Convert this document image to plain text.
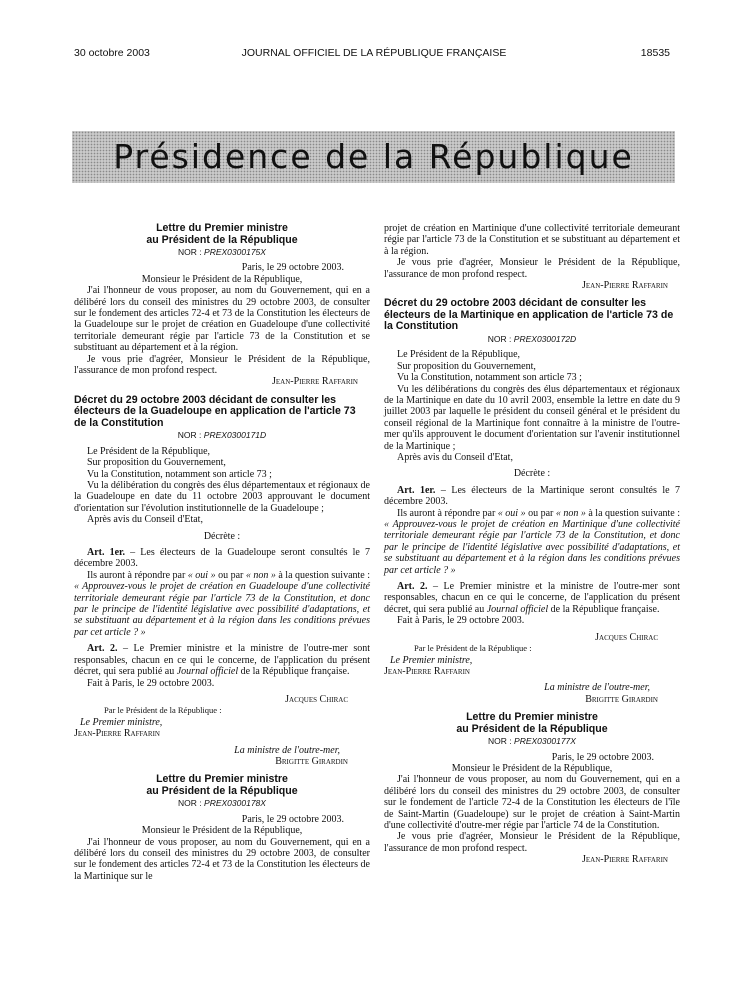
30 octobre 2003	JOURNAL OFFICIEL DE LA RÉPUBLIQUE FRANÇAISE	18535
Présidence de la République
Lettre du Premier ministre
au Président de la République
NOR : PREX0300175X

Paris, le 29 octobre 2003.

Monsieur le Président de la République,

J'ai l'honneur de vous proposer, au nom du Gouvernement, qui en a délibéré lors du conseil des ministres du 29 octobre 2003, de consulter sur le fondement des articles 72-4 et 73 de la Constitution les électeurs de la Guadeloupe sur le projet de création en Guadeloupe d'une collectivité territoriale demeurant régie par l'article 73 de la Constitution et se substituant au département et à la région.

Je vous prie d'agréer, Monsieur le Président de la République, l'assurance de mon profond respect.

Jean-Pierre Raffarin

Décret du 29 octobre 2003 décidant de consulter les électeurs de la Guadeloupe en application de l'article 73 de la Constitution
NOR : PREX0300171D

Le Président de la République,

Sur proposition du Gouvernement,

Vu la Constitution, notamment son article 73 ;

Vu la délibération du congrès des élus départementaux et régionaux de la Guadeloupe en date du 11 octobre 2003 approuvant le document d'orientation sur l'évolution institutionnelle de la Guadeloupe ;

Après avis du Conseil d'Etat,

Décrète :

Art. 1er. – Les électeurs de la Guadeloupe seront consultés le 7 décembre 2003.

Ils auront à répondre par « oui » ou par « non » à la question suivante : « Approuvez-vous le projet de création en Guadeloupe d'une collectivité territoriale demeurant régie par l'article 73 de la Constitution, et donc par le principe de l'identité législative avec possibilité d'adaptations, et se substituant au département et à la région dans les conditions prévues par cet article ? »

Art. 2. – Le Premier ministre et la ministre de l'outre-mer sont responsables, chacun en ce qui le concerne, de l'application du présent décret, qui sera publié au Journal officiel de la République française.

Fait à Paris, le 29 octobre 2003.

Jacques Chirac

Par le Président de la République :

Le Premier ministre,

Jean-Pierre Raffarin

La ministre de l'outre-mer,

Brigitte Girardin

Lettre du Premier ministre
au Président de la République
NOR : PREX0300178X

Paris, le 29 octobre 2003.

Monsieur le Président de la République,

J'ai l'honneur de vous proposer, au nom du Gouvernement, qui en a délibéré lors du conseil des ministres du 29 octobre 2003, de consulter sur le fondement des articles 72-4 et 73 de la Constitution les électeurs de la Martinique sur le

projet de création en Martinique d'une collectivité territoriale demeurant régie par l'article 73 de la Constitution et se substituant au département et à la région.

Je vous prie d'agréer, Monsieur le Président de la République, l'assurance de mon profond respect.

Jean-Pierre Raffarin

Décret du 29 octobre 2003 décidant de consulter les électeurs de la Martinique en application de l'article 73 de la Constitution
NOR : PREX0300172D

Le Président de la République,

Sur proposition du Gouvernement,

Vu la Constitution, notamment son article 73 ;

Vu les délibérations du congrès des élus départementaux et régionaux de la Martinique en date du 10 avril 2003, ensemble la lettre en date du 9 juillet 2003 par laquelle le président du conseil général et le président du conseil régional de la Martinique font connaître à la ministre de l'outre-mer qu'ils approuvent le document d'orientation sur l'avenir institutionnel de la Martinique ;

Après avis du Conseil d'Etat,

Décrète :

Art. 1er. – Les électeurs de la Martinique seront consultés le 7 décembre 2003.

Ils auront à répondre par « oui » ou par « non » à la question suivante : « Approuvez-vous le projet de création en Martinique d'une collectivité territoriale demeurant régie par l'article 73 de la Constitution, et donc par le principe de l'identité législative avec possibilité d'adaptations, et se substituant au département et à la région dans les conditions prévues par cet article ? »

Art. 2. – Le Premier ministre et la ministre de l'outre-mer sont responsables, chacun en ce qui le concerne, de l'application du présent décret, qui sera publié au Journal officiel de la République française.

Fait à Paris, le 29 octobre 2003.

Jacques Chirac

Par le Président de la République :

Le Premier ministre,

Jean-Pierre Raffarin

La ministre de l'outre-mer,

Brigitte Girardin

Lettre du Premier ministre
au Président de la République
NOR : PREX0300177X

Paris, le 29 octobre 2003.

Monsieur le Président de la République,

J'ai l'honneur de vous proposer, au nom du Gouvernement, qui en a délibéré lors du conseil des ministres du 29 octobre 2003, de consulter sur le fondement de l'article 72-4 de la Constitution les électeurs de l'île de Saint-Martin (Guadeloupe) sur le projet de création à Saint-Martin d'une collectivité d'outre-mer régie par l'article 74 de la Constitution.

Je vous prie d'agréer, Monsieur le Président de la République, l'assurance de mon profond respect.

Jean-Pierre Raffarin
